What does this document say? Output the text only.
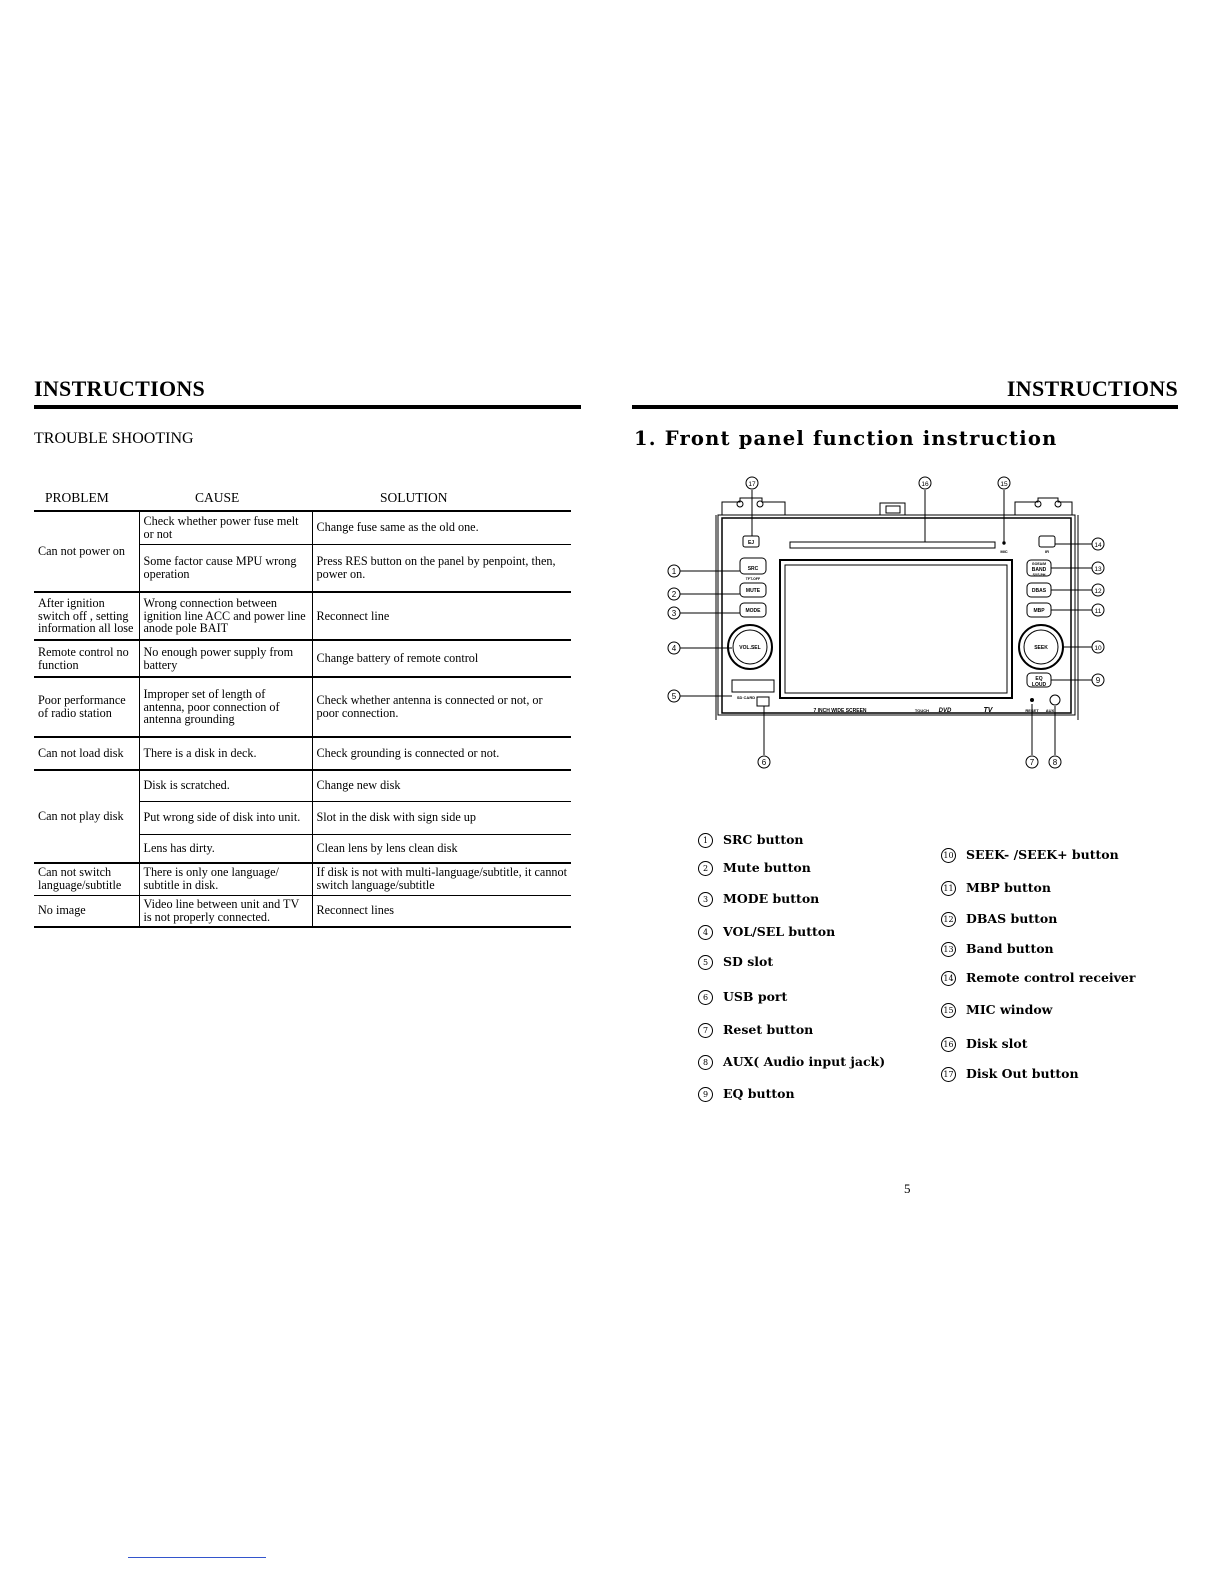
INSTRUCTIONS
TROUBLE SHOOTING
PROBLEM	CAUSE	SOLUTION
Can not power on	Check whether power fuse melt or not	Change fuse same as the old one.
	Some factor cause MPU wrong operation	Press RES button on the panel by penpoint, then, power on.
After ignition switch off , setting information all lose	Wrong connection between ignition line ACC and power line anode pole BAIT	Reconnect line
Remote control no function	No enough power supply from battery	Change battery of remote control
Poor performance of radio station	Improper set of length of antenna, poor connection of antenna grounding	Check whether antenna is connected or not, or poor connection.
Can not load disk	There is a disk in deck.	Check grounding is connected or not.
Can not play disk	Disk is scratched.	Change new disk
	Put wrong side of disk into unit.	Slot in the disk with sign side up
	Lens has dirty.	Clean lens by lens clean disk
Can not switch language/subtitle	There is only one language/ subtitle in disk.	If disk is not with multi-language/subtitle, it cannot switch language/subtitle
No image	Video line between unit and TV is not properly connected.	Reconnect lines
INSTRUCTIONS
1. Front panel function instruction
1
2
3
4
5
6	7 8
9
10
11
12
13
14
15
16
17
EJ
SRC
TFT-OFF
MUTE
MODE
VOL.SEL
SD CARD
7 INCH WIDE SCREEN
MIC	IR
GOEA/M
BAND
SYS.PH
DBAS
MBP
SEEK
EQ
LOUD
RESET AUX
TOUCH DVD	TV
1 SRC button
2 Mute button
3 MODE button
4 VOL/SEL button
5 SD slot
6 USB port
7 Reset button
8 AUX( Audio input jack)
9 EQ button
10 SEEK- /SEEK+ button
11 MBP button
12 DBAS button
13 Band button
14 Remote control receiver
15 MIC window
16 Disk slot
17 Disk Out button
5
